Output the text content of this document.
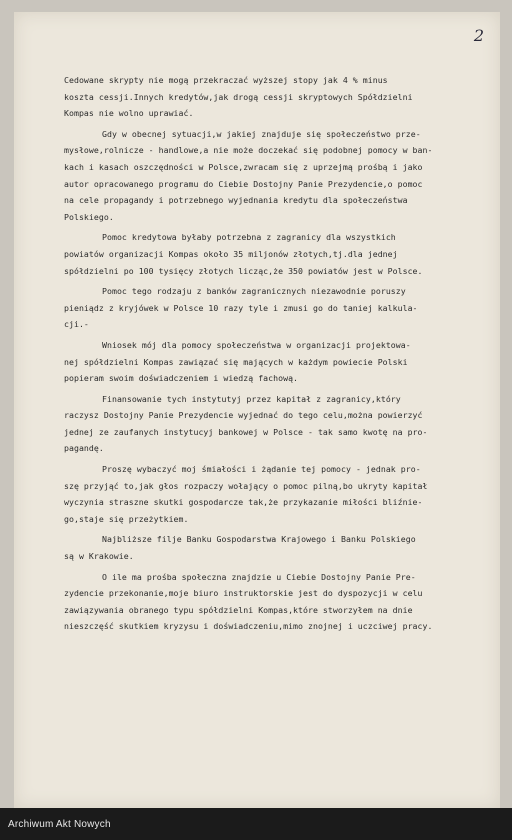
2

Cedowane skrypty nie mogą przekraczać wyższej stopy jak 4 % minus
koszta cessji.Innych kredytów,jak drogą cessji skryptowych Spółdzielni
Kompas nie wolno uprawiać.

Gdy w obecnej sytuacji,w jakiej znajduje się społeczeństwo prze-
mysłowe,rolnicze - handlowe,a nie może doczekać się podobnej pomocy w ban-
kach i kasach oszczędności w Polsce,zwracam się z uprzejmą prośbą i jako
autor opracowanego programu do Ciebie Dostojny Panie Prezydencie,o pomoc
na cele propagandy i potrzebnego wyjednania kredytu dla społeczeństwa
Polskiego.

Pomoc kredytowa byłaby potrzebna z zagranicy dla wszystkich
powiatów organizacji Kompas około 35 miljonów złotych,tj.dla jednej
spółdzielni po 100 tysięcy złotych licząc,że 350 powiatów jest w Polsce.

Pomoc tego rodzaju z banków zagranicznych niezawodnie poruszy
pieniądz z kryjówek w Polsce 10 razy tyle i zmusi go do taniej kalkula-
cji.-

Wniosek mój dla pomocy społeczeństwa w organizacji projektowa-
nej spółdzielni Kompas zawiązać się mających w każdym powiecie Polski
popieram swoim doświadczeniem i wiedzą fachową.

Finansowanie tych instytutyj przez kapitał z zagranicy,który
raczysz Dostojny Panie Prezydencie wyjednać do tego celu,można powierzyć
jednej ze zaufanych instytucyj bankowej w Polsce - tak samo kwotę na pro-
pagandę.

Proszę wybaczyć moj śmiałości i żądanie tej pomocy - jednak pro-
szę przyjąć to,jak głos rozpaczy wołający o pomoc pilną,bo ukryty kapitał
wyczynia straszne skutki gospodarcze tak,że przykazanie miłości bliźnie-
go,staje się przeżytkiem.

Najbliższe filje Banku Gospodarstwa Krajowego i Banku Polskiego
są w Krakowie.

O ile ma prośba społeczna znajdzie u Ciebie Dostojny Panie Pre-
zydencie przekonanie,moje biuro instruktorskie jest do dyspozycji w celu
zawiązywania obranego typu spółdzielni Kompas,które stworzyłem na dnie
nieszczęść skutkiem kryzysu i doświadczeniu,mimo znojnej i uczciwej pracy.

Archiwum Akt Nowych
